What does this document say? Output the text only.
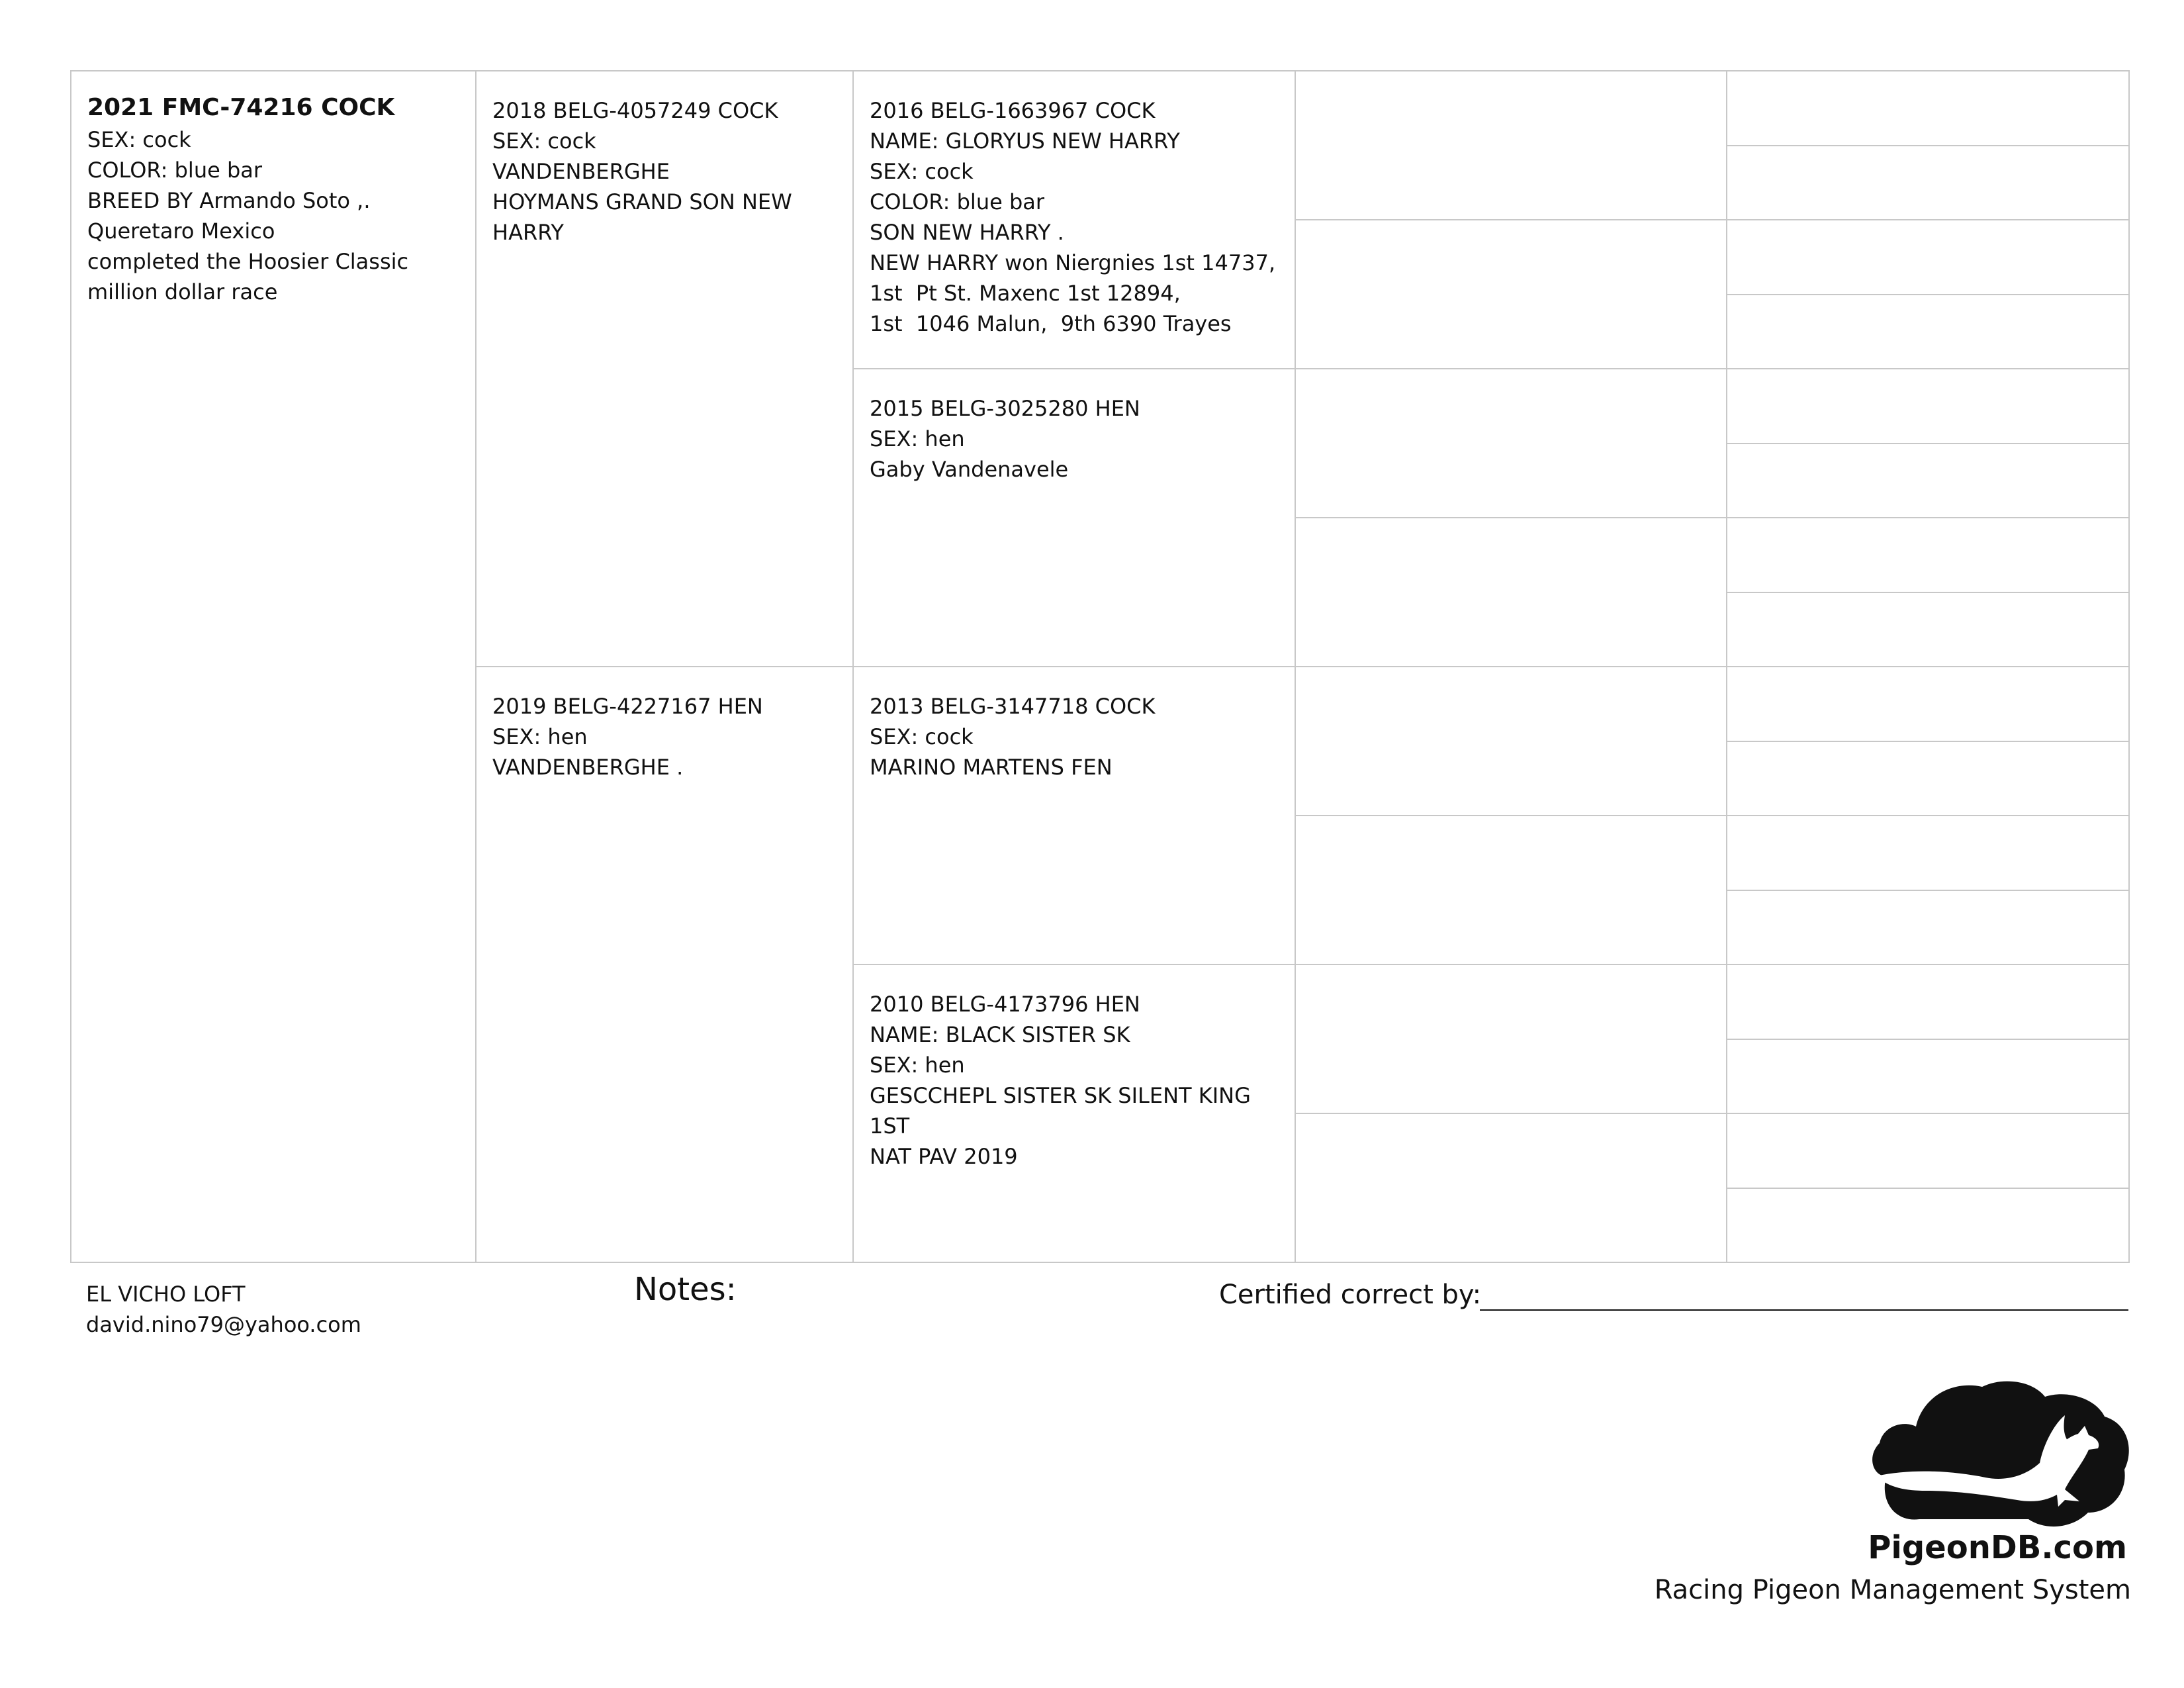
2021 FMC-74216 COCK
SEX: cock
COLOR: blue bar
BREED BY Armando Soto ,.
Queretaro Mexico
completed the Hoosier Classic
million dollar race
2018 BELG-4057249 COCK
SEX: cock
VANDENBERGHE
HOYMANS GRAND SON NEW
HARRY
2019 BELG-4227167 HEN
SEX: hen
VANDENBERGHE .
2016 BELG-1663967 COCK
NAME: GLORYUS NEW HARRY
SEX: cock
COLOR: blue bar
SON NEW HARRY .
NEW HARRY won Niergnies 1st 14737,
1st  Pt St. Maxenc 1st 12894,
1st  1046 Malun,  9th 6390 Trayes
2015 BELG-3025280 HEN
SEX: hen
Gaby Vandenavele
2013 BELG-3147718 COCK
SEX: cock
MARINO MARTENS FEN
2010 BELG-4173796 HEN
NAME: BLACK SISTER SK
SEX: hen
GESCCHEPL SISTER SK SILENT KING 1ST
NAT PAV 2019
EL VICHO LOFT
david.nino79@yahoo.com
Notes:	Certified correct by:
PigeonDB.com
Racing Pigeon Management System
